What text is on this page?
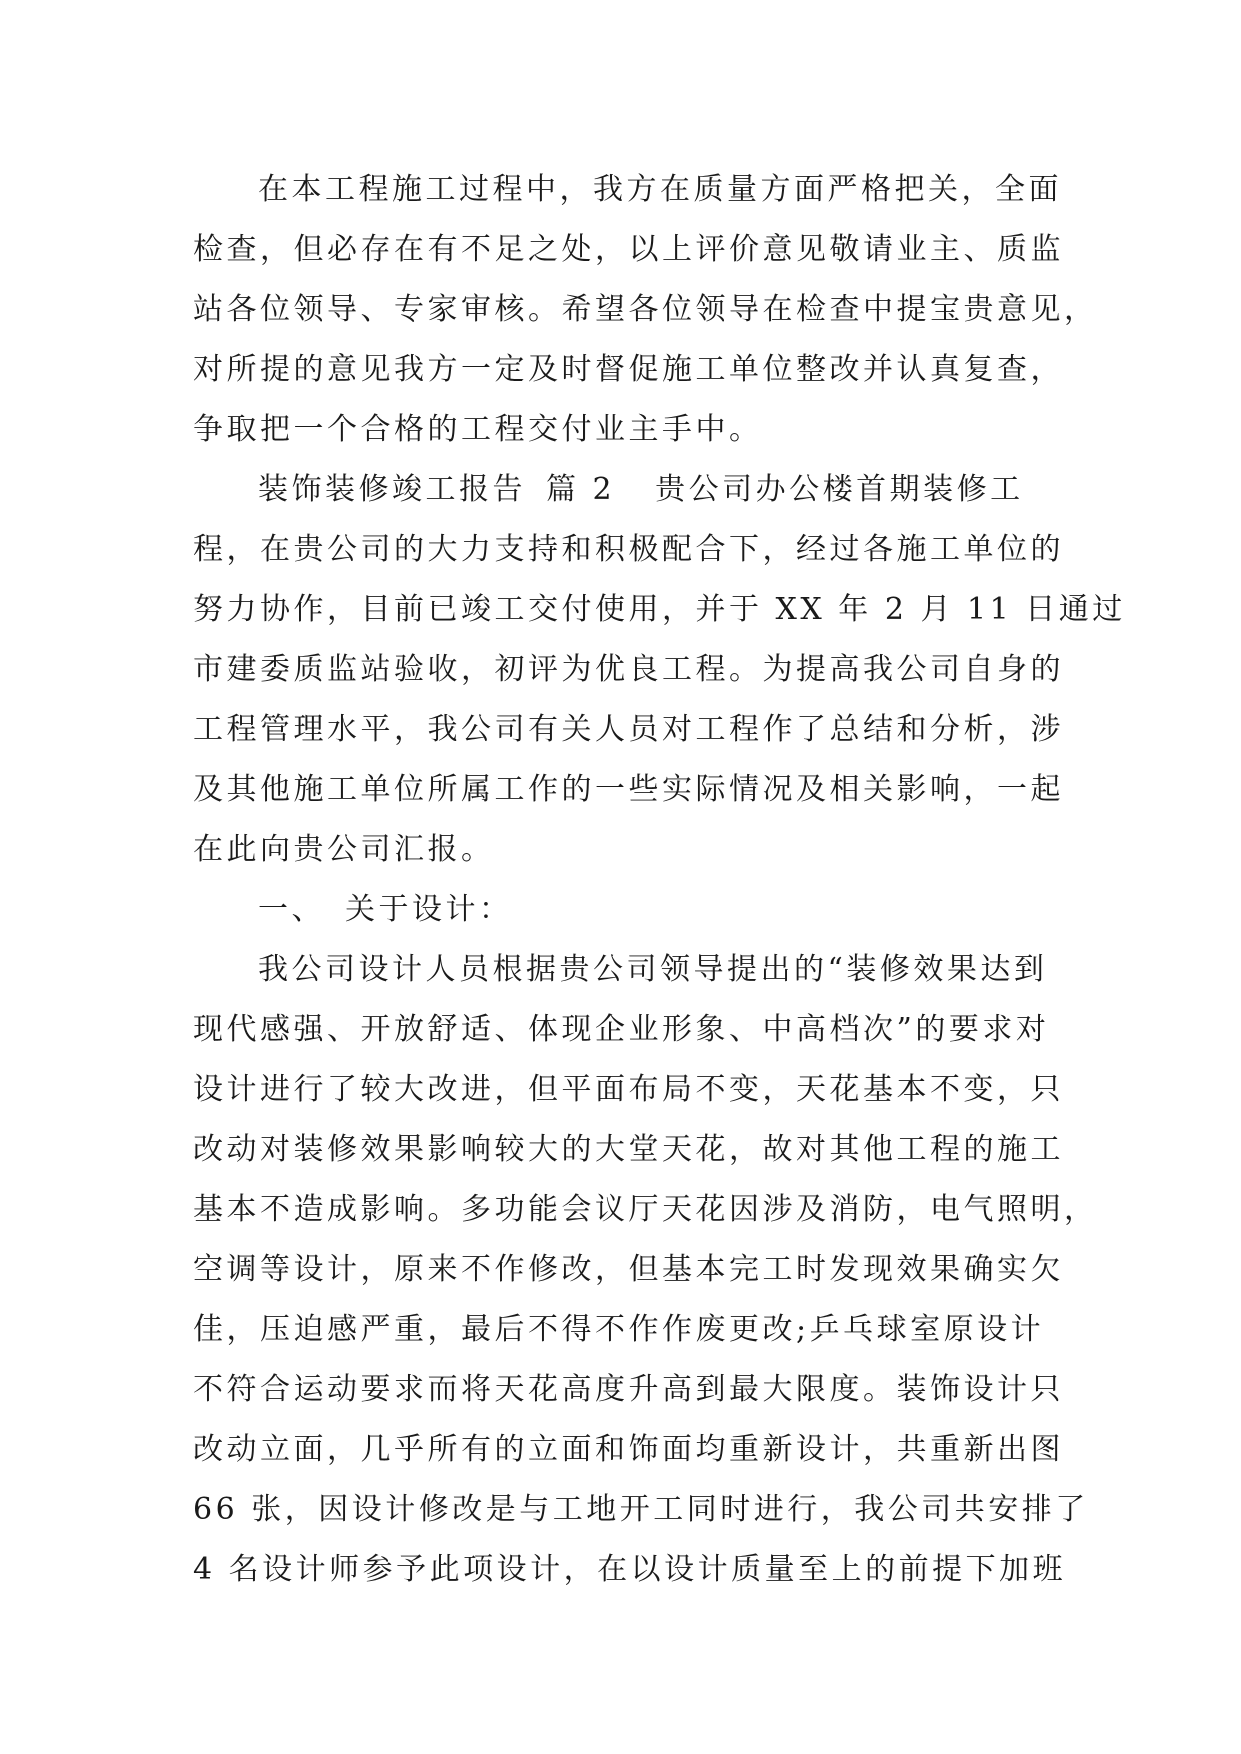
在本工程施工过程中，我方在质量方面严格把关，全面
检查，但必存在有不足之处，以上评价意见敬请业主、质监
站各位领导、专家审核。希望各位领导在检查中提宝贵意见，
对所提的意见我方一定及时督促施工单位整改并认真复查，
争取把一个合格的工程交付业主手中。
装饰装修竣工报告 篇 2 贵公司办公楼首期装修工
程，在贵公司的大力支持和积极配合下，经过各施工单位的
努力协作，目前已竣工交付使用，并于 XX 年 2 月 11 日通过
市建委质监站验收，初评为优良工程。为提高我公司自身的
工程管理水平，我公司有关人员对工程作了总结和分析，涉
及其他施工单位所属工作的一些实际情况及相关影响，一起
在此向贵公司汇报。
一、 关于设计：
我公司设计人员根据贵公司领导提出的“装修效果达到
现代感强、开放舒适、体现企业形象、中高档次”的要求对
设计进行了较大改进，但平面布局不变，天花基本不变，只
改动对装修效果影响较大的大堂天花，故对其他工程的施工
基本不造成影响。多功能会议厅天花因涉及消防，电气照明，
空调等设计，原来不作修改，但基本完工时发现效果确实欠
佳，压迫感严重，最后不得不作作废更改;乒乓球室原设计
不符合运动要求而将天花高度升高到最大限度。装饰设计只
改动立面，几乎所有的立面和饰面均重新设计，共重新出图
66 张，因设计修改是与工地开工同时进行，我公司共安排了
4 名设计师参予此项设计，在以设计质量至上的前提下加班
